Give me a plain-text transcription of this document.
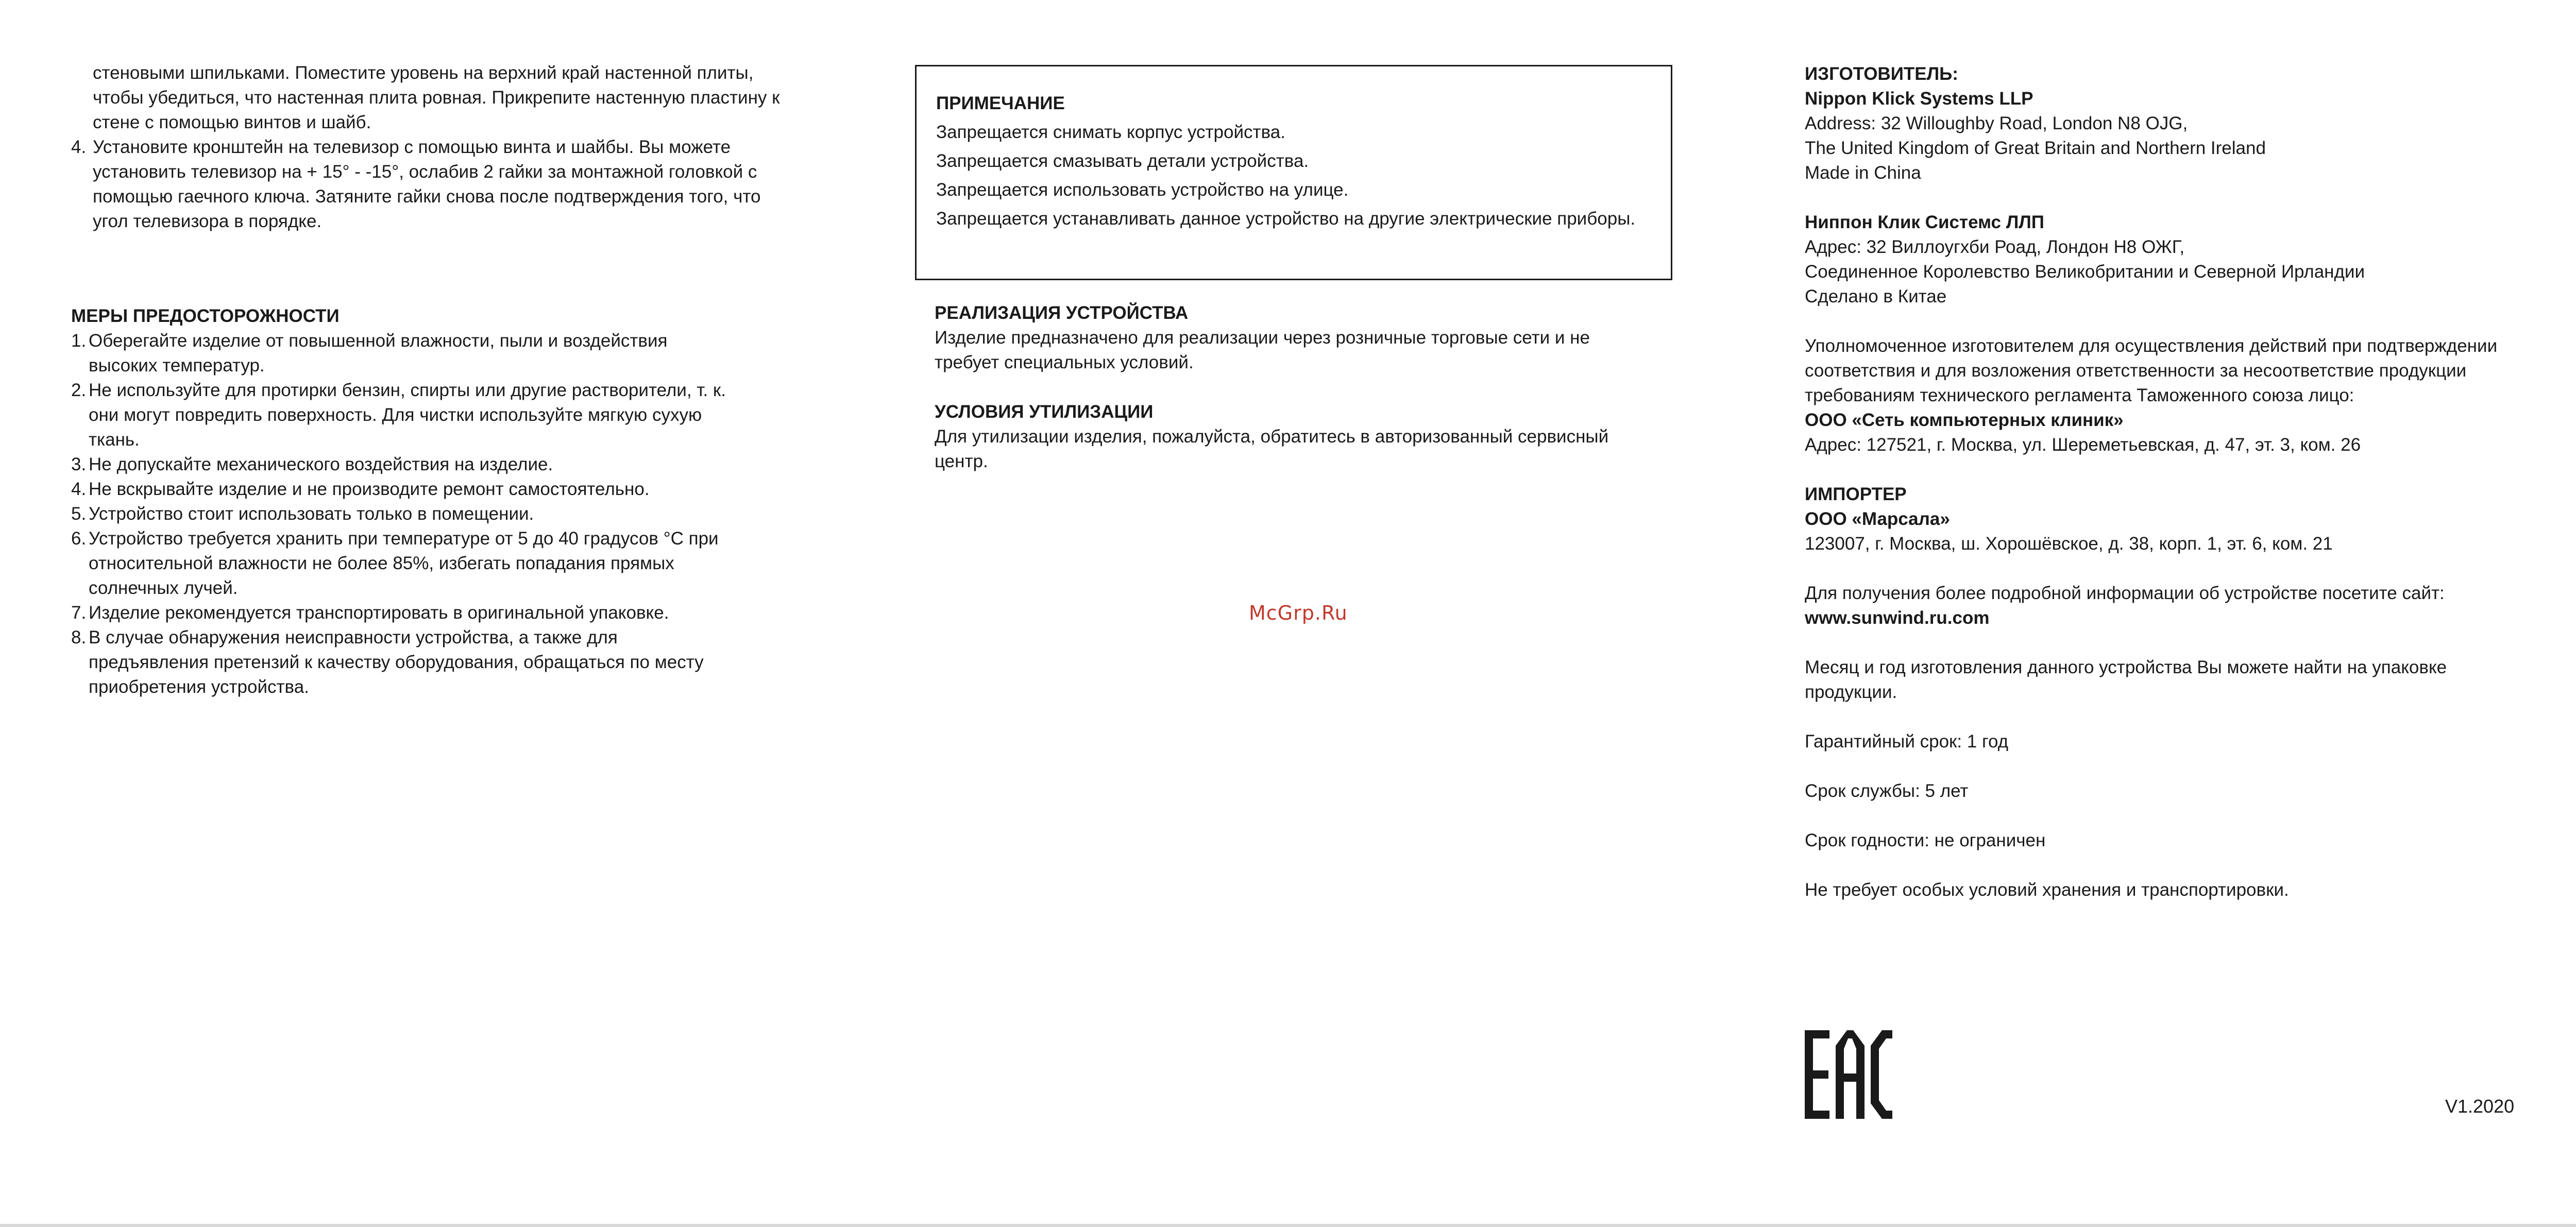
стеновыми шпильками. Поместите уровень на верхний край настенной плиты,

чтобы убедиться, что настенная плита ровная. Прикрепите настенную пластину к

стене с помощью винтов и шайб.

4. Установите кронштейн на телевизор с помощью винта и шайбы. Вы можете
установить телевизор на + 15° - -15°, ослабив 2 гайки за монтажной головкой с
помощью гаечного ключа. Затяните гайки снова после подтверждения того, что
угол телевизора в порядке.

МЕРЫ ПРЕДОСТОРОЖНОСТИ

1. Оберегайте изделие от повышенной влажности, пыли и воздействия
высоких температур.
2. Не используйте для протирки бензин, спирты или другие растворители, т. к.
они могут повредить поверхность. Для чистки используйте мягкую сухую
ткань.
3. Не допускайте механического воздействия на изделие.
4. Не вскрывайте изделие и не производите ремонт самостоятельно.
5. Устройство стоит использовать только в помещении.
6. Устройство требуется хранить при температуре от 5 до 40 градусов °C при
относительной влажности не более 85%, избегать попадания прямых
солнечных лучей.
7. Изделие рекомендуется транспортировать в оригинальной упаковке.
8. В случае обнаружения неисправности устройства, а также для
предъявления претензий к качеству оборудования, обращаться по месту
приобретения устройства.

ПРИМЕЧАНИЕ

Запрещается снимать корпус устройства.

Запрещается смазывать детали устройства.

Запрещается использовать устройство на улице.

Запрещается устанавливать данное устройство на другие электрические приборы.

РЕАЛИЗАЦИЯ УСТРОЙСТВА

Изделие предназначено для реализации через розничные торговые сети и не

требует специальных условий.

УСЛОВИЯ УТИЛИЗАЦИИ

Для утилизации изделия, пожалуйста, обратитесь в авторизованный сервисный

центр.

McGrp.Ru

ИЗГОТОВИТЕЛЬ:

Nippon Klick Systems LLP

Address: 32 Willoughby Road, London N8 OJG,

The United Kingdom of Great Britain and Northern Ireland

Made in China

Ниппон Клик Системс ЛЛП

Адрес: 32 Виллоугхби Роад, Лондон Н8 ОЖГ,

Соединенное Королевство Великобритании и Северной Ирландии

Сделано в Китае

Уполномоченное изготовителем для осуществления действий при подтверждении

соответствия и для возложения ответственности за несоответствие продукции

требованиям технического регламента Таможенного союза лицо:

ООО «Сеть компьютерных клиник»

Адрес: 127521, г. Москва, ул. Шереметьевская, д. 47, эт. 3, ком. 26

ИМПОРТЕР

ООО «Марсала»

123007, г. Москва, ш. Хорошёвское, д. 38, корп. 1, эт. 6, ком. 21

Для получения более подробной информации об устройстве посетите сайт:

www.sunwind.ru.com

Месяц и год изготовления данного устройства Вы можете найти на упаковке

продукции.

Гарантийный срок: 1 год

Срок службы: 5 лет

Срок годности: не ограничен

Не требует особых условий хранения и транспортировки.

V1.2020
